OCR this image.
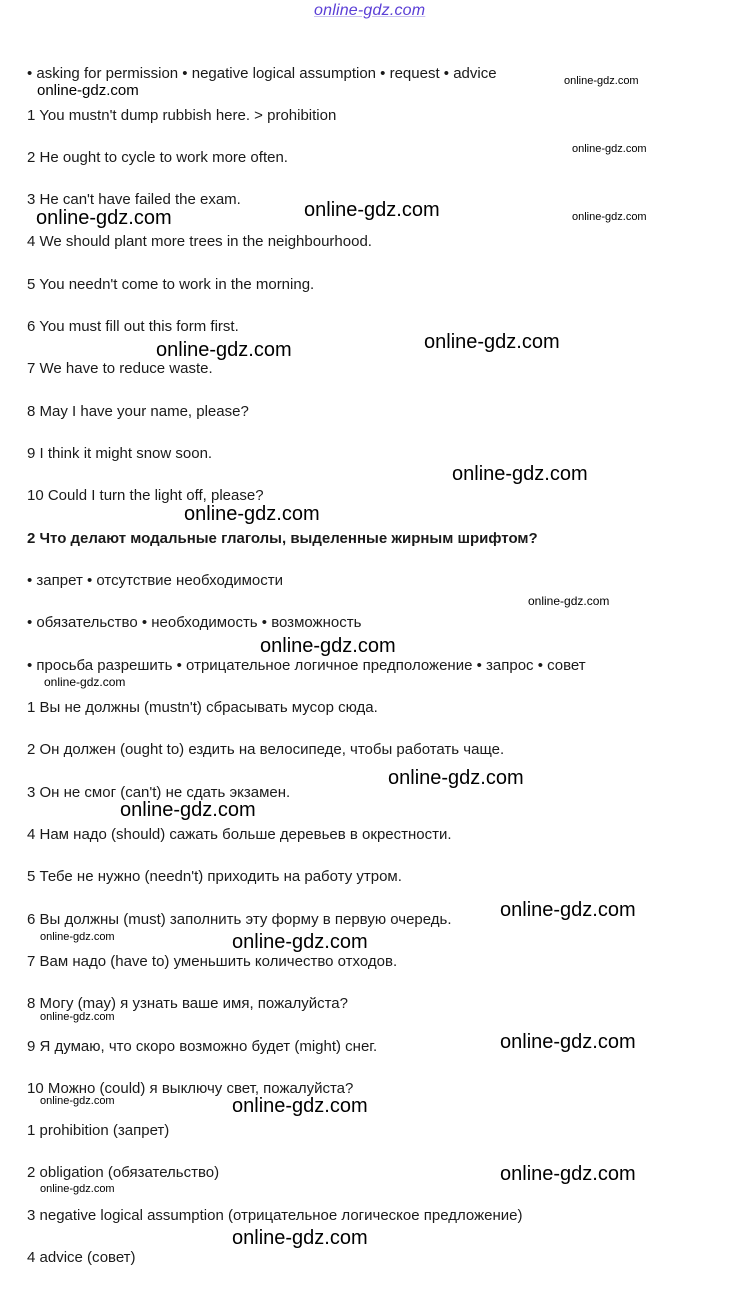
online-gdz.com
• asking for permission • negative logical assumption • request • advice
1 You mustn't dump rubbish here. > prohibition
2 He ought to cycle to work more often.
3 He can't have failed the exam.
4 We should plant more trees in the neighbourhood.
5 You needn't come to work in the morning.
6 You must fill out this form first.
7 We have to reduce waste.
8 May I have your name, please?
9 I think it might snow soon.
10 Could I turn the light off, please?
2 Что делают модальные глаголы, выделенные жирным шрифтом?
• запрет • отсутствие необходимости
• обязательство • необходимость • возможность
• просьба разрешить • отрицательное логичное предположение • запрос • совет
1 Вы не должны (mustn't) сбрасывать мусор сюда.
2 Он должен (ought to) ездить на велосипеде, чтобы работать чаще.
3 Он не смог (can't) не сдать экзамен.
4 Нам надо (should) сажать больше деревьев в окрестности.
5 Тебе не нужно (needn't) приходить на работу утром.
6 Вы должны (must) заполнить эту форму в первую очередь.
7 Вам надо (have to) уменьшить количество отходов.
8 Могу (may) я узнать ваше имя, пожалуйста?
9 Я думаю, что скоро возможно будет (might) снег.
10 Можно (could) я выключу свет, пожалуйста?
1 prohibition (запрет)
2 obligation (обязательство)
3 negative logical assumption (отрицательное логическое предложение)
4 advice (совет)
online-gdz.com
online-gdz.com
online-gdz.com
online-gdz.com
online-gdz.com	online-gdz.com
online-gdz.com	online-gdz.com
online-gdz.com
online-gdz.com
online-gdz.com
online-gdz.com
online-gdz.com
online-gdz.com
online-gdz.com
online-gdz.com
online-gdz.com	online-gdz.com
online-gdz.com
online-gdz.com
online-gdz.com	online-gdz.com
online-gdz.com
online-gdz.com
online-gdz.com
